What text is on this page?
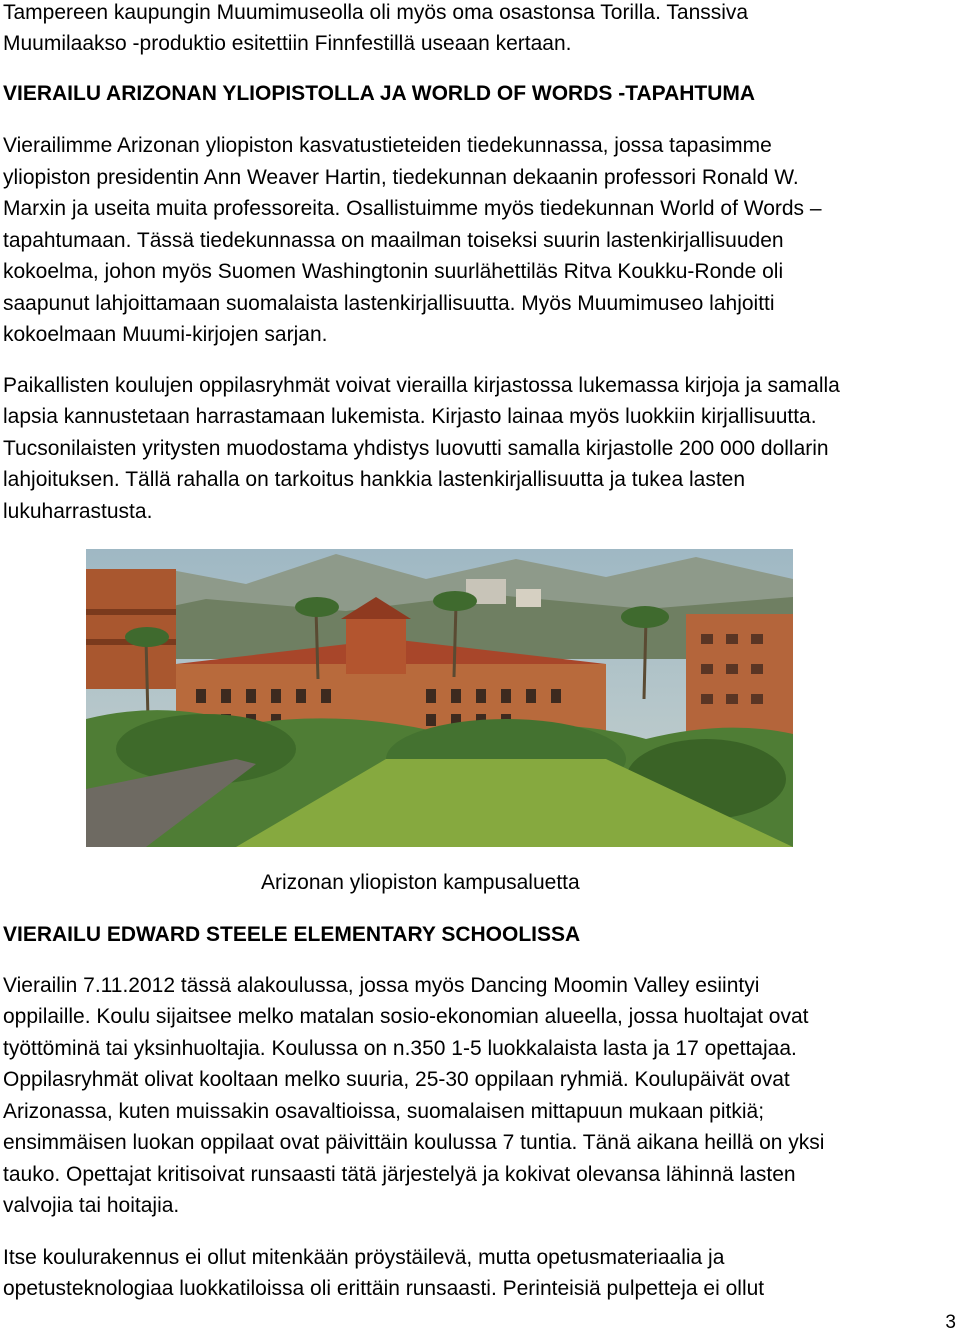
Tampereen kaupungin Muumimuseolla oli myös oma osastonsa Torilla. Tanssiva

Muumilaakso -produktio esitettiin Finnfestillä useaan kertaan.

VIERAILU ARIZONAN YLIOPISTOLLA JA WORLD OF WORDS -TAPAHTUMA

Vierailimme Arizonan yliopiston kasvatustieteiden tiedekunnassa, jossa tapasimme

yliopiston presidentin Ann Weaver Hartin, tiedekunnan dekaanin professori Ronald W.

Marxin ja useita muita professoreita. Osallistuimme myös tiedekunnan World of Words –

tapahtumaan. Tässä tiedekunnassa on maailman toiseksi suurin lastenkirjallisuuden

kokoelma, johon myös Suomen Washingtonin suurlähettiläs Ritva Koukku-Ronde oli

saapunut lahjoittamaan suomalaista lastenkirjallisuutta. Myös Muumimuseo lahjoitti

kokoelmaan Muumi-kirjojen sarjan.

Paikallisten koulujen oppilasryhmät voivat vierailla kirjastossa lukemassa kirjoja ja samalla

lapsia kannustetaan harrastamaan lukemista. Kirjasto lainaa myös luokkiin kirjallisuutta.

Tucsonilaisten yritysten muodostama yhdistys luovutti samalla kirjastolle 200 000 dollarin

lahjoituksen. Tällä rahalla on tarkoitus hankkia lastenkirjallisuutta ja tukea lasten

lukuharrastusta.

Arizonan yliopiston kampusaluetta

VIERAILU EDWARD STEELE ELEMENTARY SCHOOLISSA

Vierailin 7.11.2012 tässä alakoulussa, jossa myös Dancing Moomin Valley esiintyi

oppilaille. Koulu sijaitsee melko matalan sosio-ekonomian alueella, jossa huoltajat ovat

työttöminä tai yksinhuoltajia. Koulussa on n.350 1-5 luokkalaista lasta ja 17 opettajaa.

Oppilasryhmät olivat kooltaan melko suuria, 25-30 oppilaan ryhmiä. Koulupäivät ovat

Arizonassa, kuten muissakin osavaltioissa, suomalaisen mittapuun mukaan pitkiä;

ensimmäisen luokan oppilaat ovat päivittäin koulussa 7 tuntia. Tänä aikana heillä on yksi

tauko. Opettajat kritisoivat runsaasti tätä järjestelyä ja kokivat olevansa lähinnä lasten

valvojia tai hoitajia.

Itse koulurakennus ei ollut mitenkään pröystäilevä, mutta opetusmateriaalia ja

opetusteknologiaa luokkatiloissa oli erittäin runsaasti. Perinteisiä pulpetteja ei ollut

3
